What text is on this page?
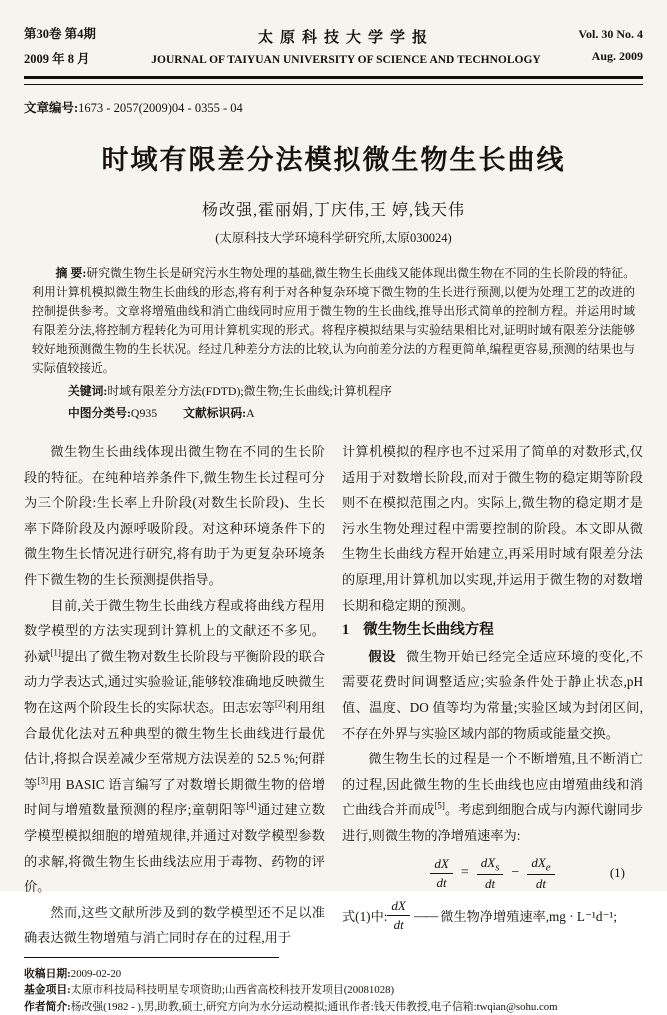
第30卷 第4期
2009 年 8 月
太原科技大学学报
JOURNAL OF TAIYUAN UNIVERSITY OF SCIENCE AND TECHNOLOGY
Vol. 30 No. 4
Aug. 2009
文章编号:1673 - 2057(2009)04 - 0355 - 04
时域有限差分法模拟微生物生长曲线
杨改强,霍丽娟,丁庆伟,王 婷,钱天伟
(太原科技大学环境科学研究所,太原030024)
摘 要:研究微生物生长是研究污水生物处理的基础,微生物生长曲线又能体现出微生物在不同的生长阶段的特征。利用计算机模拟微生物生长曲线的形态,将有利于对各种复杂环境下微生物的生长进行预测,以便为处理工艺的改进的控制提供参考。文章将增殖曲线和消亡曲线同时应用于微生物的生长曲线,推导出形式简单的控制方程。并运用时域有限差分法,将控制方程转化为可用计算机实现的形式。将程序模拟结果与实验结果相比对,证明时域有限差分法能够较好地预测微生物的生长状况。经过几种差分方法的比较,认为向前差分法的方程更简单,编程更容易,预测的结果也与实际值较接近。
关键词:时域有限差分方法(FDTD);微生物;生长曲线;计算机程序
中图分类号:Q935 文献标识码:A

微生物生长曲线体现出微生物在不同的生长阶段的特征。在纯种培养条件下,微生物生长过程可分为三个阶段:生长率上升阶段(对数生长阶段)、生长率下降阶段及内源呼吸阶段。对这种环境条件下的微生物生长情况进行研究,将有助于为更复杂环境条件下微生物的生长预测提供指导。

目前,关于微生物生长曲线方程或将曲线方程用数学模型的方法实现到计算机上的文献还不多见。孙斌[1]提出了微生物对数生长阶段与平衡阶段的联合动力学表达式,通过实验验证,能够较准确地反映微生物在这两个阶段生长的实际状态。田志宏等[2]利用组合最优化法对五种典型的微生物生长曲线进行最优估计,将拟合误差减少至常规方法误差的 52.5 %;何群等[3]用 BASIC 语言编写了对数增长期微生物的倍增时间与增殖数量预测的程序;童朝阳等[4]通过建立数学模型模拟细胞的增殖规律,并通过对数学模型参数的求解,将微生物生长曲线法应用于毒物、药物的评价。

然而,这些文献所涉及到的数学模型还不足以准确表达微生物增殖与消亡同时存在的过程,用于

收稿日期:2009-02-20
基金项目:太原市科技局科技明星专项资助;山西省高校科技开发项目(20081028)
作者简介:杨改强(1982 - ),男,助教,硕士,研究方向为水分运动模拟;通讯作者:钱天伟教授,电子信箱:twqian@sohu.com

计算机模拟的程序也不过采用了简单的对数形式,仅适用于对数增长阶段,而对于微生物的稳定期等阶段则不在模拟范围之内。实际上,微生物的稳定期才是污水生物处理过程中需要控制的阶段。本文即从微生物生长曲线方程开始建立,再采用时域有限差分法的原理,用计算机加以实现,并运用于微生物的对数增长期和稳定期的预测。

1 微生物生长曲线方程

假设 微生物开始已经完全适应环境的变化,不需要花费时间调整适应;实验条件处于静止状态,pH 值、温度、DO 值等均为常量;实验区域为封闭区间,不存在外界与实验区域内部的物质或能量交换。

微生物生长的过程是一个不断增殖,且不断消亡的过程,因此微生物的生长曲线也应由增殖曲线和消亡曲线合并而成[5]。考虑到细胞合成与内源代谢同步进行,则微生物的净增殖速率为:

$\frac{dX}{dt} = \frac{dX_s}{dt} - \frac{dX_e}{dt}$	(1)
式(1)中: $\frac{dX}{dt}$ —— 微生物净增殖速率,mg · L⁻¹d⁻¹;
